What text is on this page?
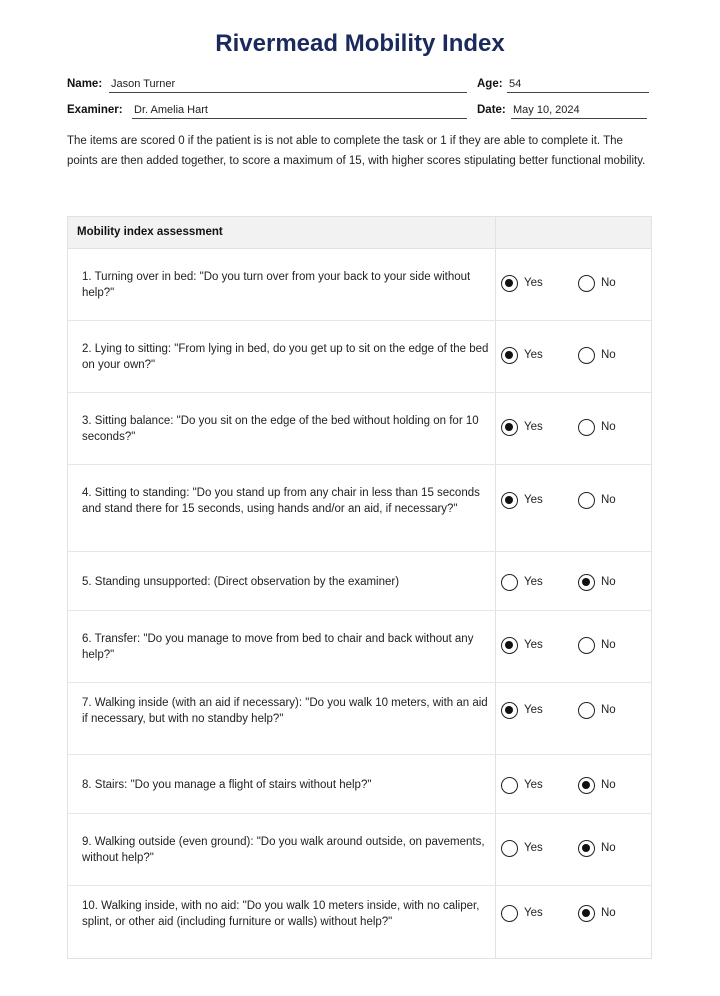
Rivermead Mobility Index
Name: Jason Turner	Age: 54
Examiner: Dr. Amelia Hart	Date: May 10, 2024
The items are scored 0 if the patient is is not able to complete the task or 1 if they are able to complete it. The points are then added together, to score a maximum of 15, with higher scores stipulating better functional mobility.
Mobility index assessment
1. Turning over in bed: "Do you turn over from your back to your side without help?"
Yes	No
2. Lying to sitting: "From lying in bed, do you get up to sit on the edge of the bed on your own?"
Yes	No
3. Sitting balance: "Do you sit on the edge of the bed without holding on for 10 seconds?"
Yes	No
4. Sitting to standing: "Do you stand up from any chair in less than 15 seconds and stand there for 15 seconds, using hands and/or an aid, if necessary?"
Yes	No
5. Standing unsupported: (Direct observation by the examiner)	Yes	No
6. Transfer: "Do you manage to move from bed to chair and back without any help?"
Yes	No
7. Walking inside (with an aid if necessary): "Do you walk 10 meters, with an aid if necessary, but with no standby help?"
Yes	No
8. Stairs: "Do you manage a flight of stairs without help?"	Yes	No
9. Walking outside (even ground): "Do you walk around outside, on pavements, without help?"
Yes	No
10. Walking inside, with no aid: "Do you walk 10 meters inside, with no caliper, splint, or other aid (including furniture or walls) without help?"
Yes	No
